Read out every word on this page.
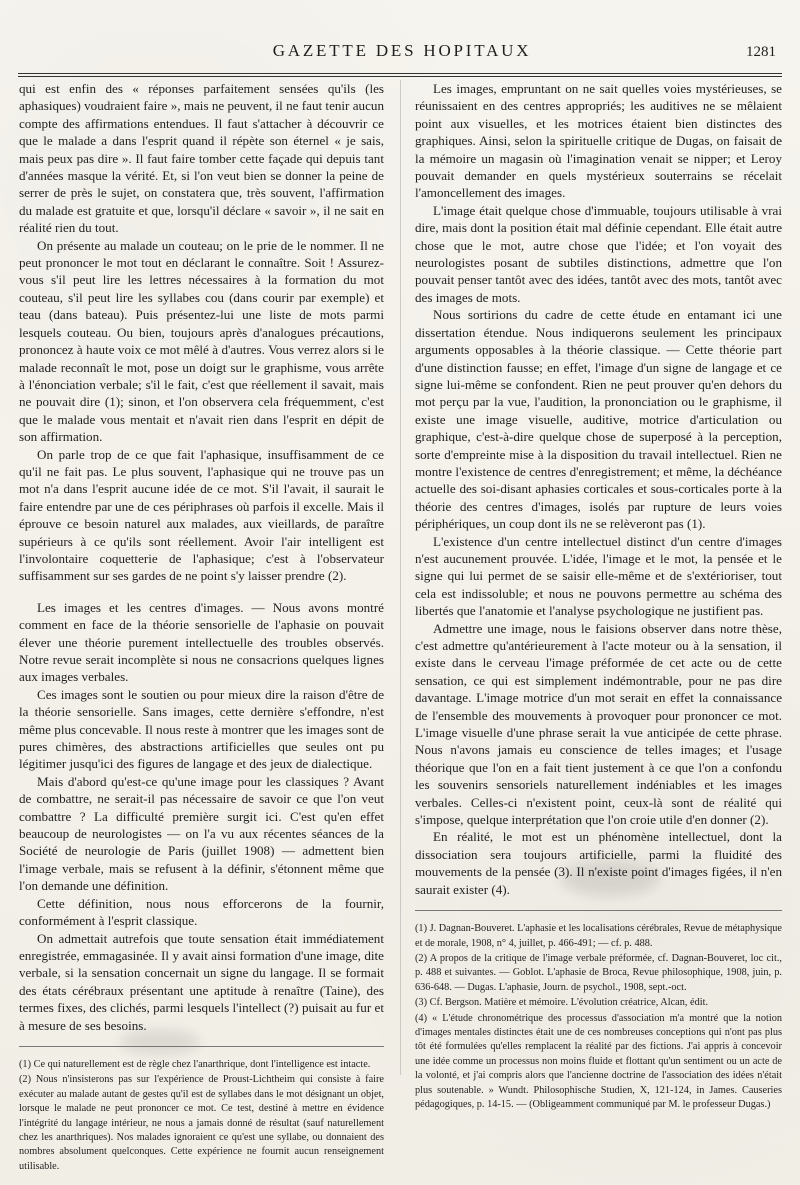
GAZETTE DES HOPITAUX	1281

qui est enfin des « réponses parfaitement sensées qu'ils (les aphasiques) voudraient faire », mais ne peuvent, il ne faut tenir aucun compte des affirmations entendues. Il faut s'attacher à découvrir ce que le malade a dans l'esprit quand il répète son éternel « je sais, mais peux pas dire ». Il faut faire tomber cette façade qui depuis tant d'années masque la vérité. Et, si l'on veut bien se donner la peine de serrer de près le sujet, on constatera que, très souvent, l'affirmation du malade est gratuite et que, lorsqu'il déclare « savoir », il ne sait en réalité rien du tout.

On présente au malade un couteau; on le prie de le nommer. Il ne peut prononcer le mot tout en déclarant le connaître. Soit ! Assurez-vous s'il peut lire les lettres nécessaires à la formation du mot couteau, s'il peut lire les syllabes cou (dans courir par exemple) et teau (dans bateau). Puis présentez-lui une liste de mots parmi lesquels couteau. Ou bien, toujours après d'analogues précautions, prononcez à haute voix ce mot mêlé à d'autres. Vous verrez alors si le malade reconnaît le mot, pose un doigt sur le graphisme, vous arrête à l'énonciation verbale; s'il le fait, c'est que réellement il savait, mais ne pouvait dire (1); sinon, et l'on observera cela fréquemment, c'est que le malade vous mentait et n'avait rien dans l'esprit en dépit de son affirmation.

On parle trop de ce que fait l'aphasique, insuffisamment de ce qu'il ne fait pas. Le plus souvent, l'aphasique qui ne trouve pas un mot n'a dans l'esprit aucune idée de ce mot. S'il l'avait, il saurait le faire entendre par une de ces périphrases où parfois il excelle. Mais il éprouve ce besoin naturel aux malades, aux vieillards, de paraître supérieurs à ce qu'ils sont réellement. Avoir l'air intelligent est l'involontaire coquetterie de l'aphasique; c'est à l'observateur suffisamment sur ses gardes de ne point s'y laisser prendre (2).

Les images et les centres d'images. — Nous avons montré comment en face de la théorie sensorielle de l'aphasie on pouvait élever une théorie purement intellectuelle des troubles observés. Notre revue serait incomplète si nous ne consacrions quelques lignes aux images verbales.

Ces images sont le soutien ou pour mieux dire la raison d'être de la théorie sensorielle. Sans images, cette dernière s'effondre, n'est même plus concevable. Il nous reste à montrer que les images sont de pures chimères, des abstractions artificielles que seules ont pu légitimer jusqu'ici des figures de langage et des jeux de dialectique.

Mais d'abord qu'est-ce qu'une image pour les classiques ? Avant de combattre, ne serait-il pas nécessaire de savoir ce que l'on veut combattre ? La difficulté première surgit ici. C'est qu'en effet beaucoup de neurologistes — on l'a vu aux récentes séances de la Société de neurologie de Paris (juillet 1908) — admettent bien l'image verbale, mais se refusent à la définir, s'étonnent même que l'on demande une définition.

Cette définition, nous nous efforcerons de la fournir, conformément à l'esprit classique.

On admettait autrefois que toute sensation était immédiatement enregistrée, emmagasinée. Il y avait ainsi formation d'une image, dite verbale, si la sensation concernait un signe du langage. Il se formait des états cérébraux présentant une aptitude à renaître (Taine), des termes fixes, des clichés, parmi lesquels l'intellect (?) puisait au fur et à mesure de ses besoins.

(1) Ce qui naturellement est de règle chez l'anarthrique, dont l'intelligence est intacte.

(2) Nous n'insisterons pas sur l'expérience de Proust-Lichtheim qui consiste à faire exécuter au malade autant de gestes qu'il est de syllabes dans le mot désignant un objet, lorsque le malade ne peut prononcer ce mot. Ce test, destiné à mettre en évidence l'intégrité du langage intérieur, ne nous a jamais donné de résultat (sauf naturellement chez les anarthriques). Nos malades ignoraient ce qu'est une syllabe, ou donnaient des nombres absolument quelconques. Cette expérience ne fournit aucun renseignement utilisable.

Les images, empruntant on ne sait quelles voies mystérieuses, se réunissaient en des centres appropriés; les auditives ne se mêlaient point aux visuelles, et les motrices étaient bien distinctes des graphiques. Ainsi, selon la spirituelle critique de Dugas, on faisait de la mémoire un magasin où l'imagination venait se nipper; et Leroy pouvait demander en quels mystérieux souterrains se récelait l'amoncellement des images.

L'image était quelque chose d'immuable, toujours utilisable à vrai dire, mais dont la position était mal définie cependant. Elle était autre chose que le mot, autre chose que l'idée; et l'on voyait des neurologistes posant de subtiles distinctions, admettre que l'on pouvait penser tantôt avec des idées, tantôt avec des mots, tantôt avec des images de mots.

Nous sortirions du cadre de cette étude en entamant ici une dissertation étendue. Nous indiquerons seulement les principaux arguments opposables à la théorie classique. — Cette théorie part d'une distinction fausse; en effet, l'image d'un signe de langage et ce signe lui-même se confondent. Rien ne peut prouver qu'en dehors du mot perçu par la vue, l'audition, la prononciation ou le graphisme, il existe une image visuelle, auditive, motrice d'articulation ou graphique, c'est-à-dire quelque chose de superposé à la perception, sorte d'empreinte mise à la disposition du travail intellectuel. Rien ne montre l'existence de centres d'enregistrement; et même, la déchéance actuelle des soi-disant aphasies corticales et sous-corticales porte à la théorie des centres d'images, isolés par rupture de leurs voies périphériques, un coup dont ils ne se relèveront pas (1).

L'existence d'un centre intellectuel distinct d'un centre d'images n'est aucunement prouvée. L'idée, l'image et le mot, la pensée et le signe qui lui permet de se saisir elle-même et de s'extérioriser, tout cela est indissoluble; et nous ne pouvons permettre au schéma des libertés que l'anatomie et l'analyse psychologique ne justifient pas.

Admettre une image, nous le faisions observer dans notre thèse, c'est admettre qu'antérieurement à l'acte moteur ou à la sensation, il existe dans le cerveau l'image préformée de cet acte ou de cette sensation, ce qui est simplement indémontrable, pour ne pas dire davantage. L'image motrice d'un mot serait en effet la connaissance de l'ensemble des mouvements à provoquer pour prononcer ce mot. L'image visuelle d'une phrase serait la vue anticipée de cette phrase. Nous n'avons jamais eu conscience de telles images; et l'usage théorique que l'on en a fait tient justement à ce que l'on a confondu les souvenirs sensoriels naturellement indéniables et les images verbales. Celles-ci n'existent point, ceux-là sont de réalité qui s'impose, quelque interprétation que l'on croie utile d'en donner (2).

En réalité, le mot est un phénomène intellectuel, dont la dissociation sera toujours artificielle, parmi la fluidité des mouvements de la pensée (3). Il n'existe point d'images figées, il n'en saurait exister (4).

(1) J. Dagnan-Bouveret. L'aphasie et les localisations cérébrales, Revue de métaphysique et de morale, 1908, n° 4, juillet, p. 466-491; — cf. p. 488.

(2) A propos de la critique de l'image verbale préformée, cf. Dagnan-Bouveret, loc cit., p. 488 et suivantes. — Goblot. L'aphasie de Broca, Revue philosophique, 1908, juin, p. 636-648. — Dugas. L'aphasie, Journ. de psychol., 1908, sept.-oct.

(3) Cf. Bergson. Matière et mémoire. L'évolution créatrice, Alcan, édit.

(4) « L'étude chronométrique des processus d'association m'a montré que la notion d'images mentales distinctes était une de ces nombreuses conceptions qui n'ont pas plus tôt été formulées qu'elles remplacent la réalité par des fictions. J'ai appris à concevoir une idée comme un processus non moins fluide et flottant qu'un sentiment ou un acte de la volonté, et j'ai compris alors que l'ancienne doctrine de l'association des idées n'était plus soutenable. » Wundt. Philosophische Studien, X, 121-124, in James. Causeries pédagogiques, p. 14-15. — (Obligeamment communiqué par M. le professeur Dugas.)
